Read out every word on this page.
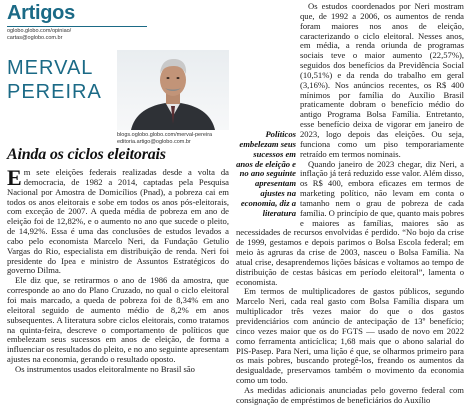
Artigos
oglobo.globo.com/opiniao/
cartas@oglobo.com.br
MERVAL
PEREIRA
blogs.oglobo.globo.com/merval-pereira
editoria.artigo@oglobo.com.br
Ainda os ciclos eleitorais

Em sete eleições federais realizadas desde a volta da democracia, de 1982 a 2014, captadas pela Pesquisa Nacional por Amostra de Domicílios (Pnad), a pobreza cai em todos os anos eleitorais e sobe em todos os anos pós-eleitorais, com exceção de 2007. A queda média de pobreza em ano de eleição foi de 12,82%, e o aumento no ano que sucede o pleito, de 14,92%. Essa é uma das conclusões de estudos levados a cabo pelo economista Marcelo Neri, da Fundação Getulio Vargas do Rio, especialista em distribuição de renda. Neri foi presidente do Ipea e ministro de Assuntos Estratégicos do governo Dilma.

Ele diz que, se retirarmos o ano de 1986 da amostra, que corresponde ao ano do Plano Cruzado, no qual o ciclo eleitoral foi mais marcado, a queda de pobreza foi de 8,34% em ano eleitoral seguido de aumento médio de 8,2% em anos subsequentes. A literatura sobre ciclos eleitorais, como tratamos na quinta-feira, descreve o comportamento de políticos que embelezam seus sucessos em anos de eleição, de forma a influenciar os resultados do pleito, e no ano seguinte apresentam ajustes na economia, gerando o resultado oposto.

Os instrumentos usados eleitoralmente no Brasil são

Políticos embelezam seus sucessos em anos de eleição e no ano seguinte apresentam ajustes na economia, diz a literatura

Os estudos coordenados por Neri mostram que, de 1992 a 2006, os aumentos de renda foram maiores nos anos de eleição, caracterizando o ciclo eleitoral. Nesses anos, em média, a renda oriunda de programas sociais teve o maior aumento (22,57%), seguidos dos benefícios da Previdência Social (10,51%) e da renda do trabalho em geral (3,16%). Nos anúncios recentes, os R$ 400 mínimos por família do Auxílio Brasil praticamente dobram o benefício médio do antigo Programa Bolsa Família. Entretanto, esse benefício deixa de vigorar em janeiro de 2023, logo depois das eleições. Ou seja, funciona como um piso temporariamente retraído em termos nominais.

Quando janeiro de 2023 chegar, diz Neri, a inflação já terá reduzido esse valor. Além disso, os R$ 400, embora eficazes em termos de marketing político, não levam em conta o tamanho nem o grau de pobreza de cada família. O princípio de que, quanto mais pobres e maiores as famílias, maiores são as necessidades de recursos envolvidas é perdido. “No bojo da crise de 1999, gestamos e depois parimos o Bolsa Escola federal; em meio às agruras da crise de 2003, nasceu o Bolsa Família. Na atual crise, desaprendemos lições básicas e voltamos ao tempo de distribuição de cestas básicas em período eleitoral”, lamenta o economista.

Em termos de multiplicadores de gastos públicos, segundo Marcelo Neri, cada real gasto com Bolsa Família dispara um multiplicador três vezes maior do que o dos gastos previdenciários com anúncio de antecipação de 13º benefício; cinco vezes maior que os do FGTS — usado de novo em 2022 como ferramenta anticíclica; 1,68 mais que o abono salarial do PIS-Pasep. Para Neri, uma lição é que, se olharmos primeiro para os mais pobres, buscando protegê-los, freando os aumentos da desigualdade, preservamos também o movimento da economia como um todo.

As medidas adicionais anunciadas pelo governo federal com consignação de empréstimos de beneficiários do Auxílio
